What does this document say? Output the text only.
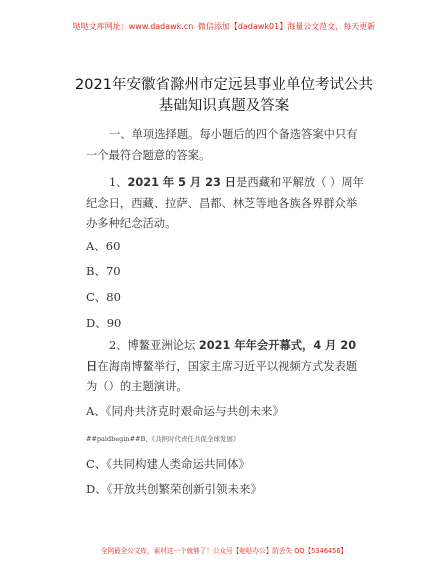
哒哒文库网址：www.dadawk.cn 微信添加【dadawk01】海量公文范文，每天更新
2021年安徽省滁州市定远县事业单位考试公共
基础知识真题及答案
一、单项选择题。每小题后的四个备选答案中只有一个最符合题意的答案。
1、2021 年 5 月 23 日是西藏和平解放（ ）周年纪念日，西藏、拉萨、昌都、林芝等地各族各界群众举办多种纪念活动。
A、60
B、70
C、80
D、90
2、博鳌亚洲论坛 2021 年年会开幕式，4 月 20 日在海南博鳌举行，国家主席习近平以视频方式发表题为（）的主题演讲。
A、《同舟共济克时艰命运与共创未来》
##paidbegin##B、《共担时代责任共促全球发展》
C、《共同构建人类命运共同体》
D、《开放共创繁荣创新引领未来》
全网最全公文库，素材这一个就够了！公众号【哒哒办公】防丢失 QQ【5346456】
